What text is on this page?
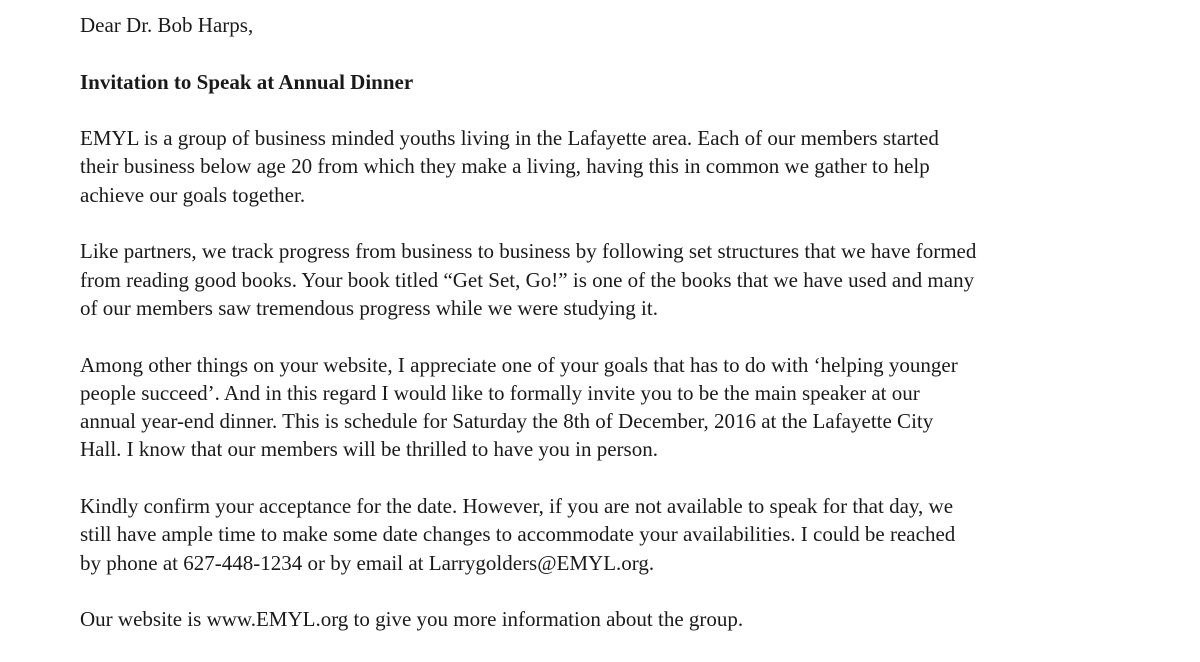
Dear Dr. Bob Harps,

Invitation to Speak at Annual Dinner

EMYL is a group of business minded youths living in the Lafayette area. Each of our members started
their business below age 20 from which they make a living, having this in common we gather to help
achieve our goals together.

Like partners, we track progress from business to business by following set structures that we have formed
from reading good books. Your book titled “Get Set, Go!” is one of the books that we have used and many
of our members saw tremendous progress while we were studying it.

Among other things on your website, I appreciate one of your goals that has to do with ‘helping younger
people succeed’. And in this regard I would like to formally invite you to be the main speaker at our
annual year-end dinner. This is schedule for Saturday the 8th of December, 2016 at the Lafayette City
Hall. I know that our members will be thrilled to have you in person.

Kindly confirm your acceptance for the date. However, if you are not available to speak for that day, we
still have ample time to make some date changes to accommodate your availabilities. I could be reached
by phone at 627-448-1234 or by email at Larrygolders@EMYL.org.

Our website is www.EMYL.org to give you more information about the group.
